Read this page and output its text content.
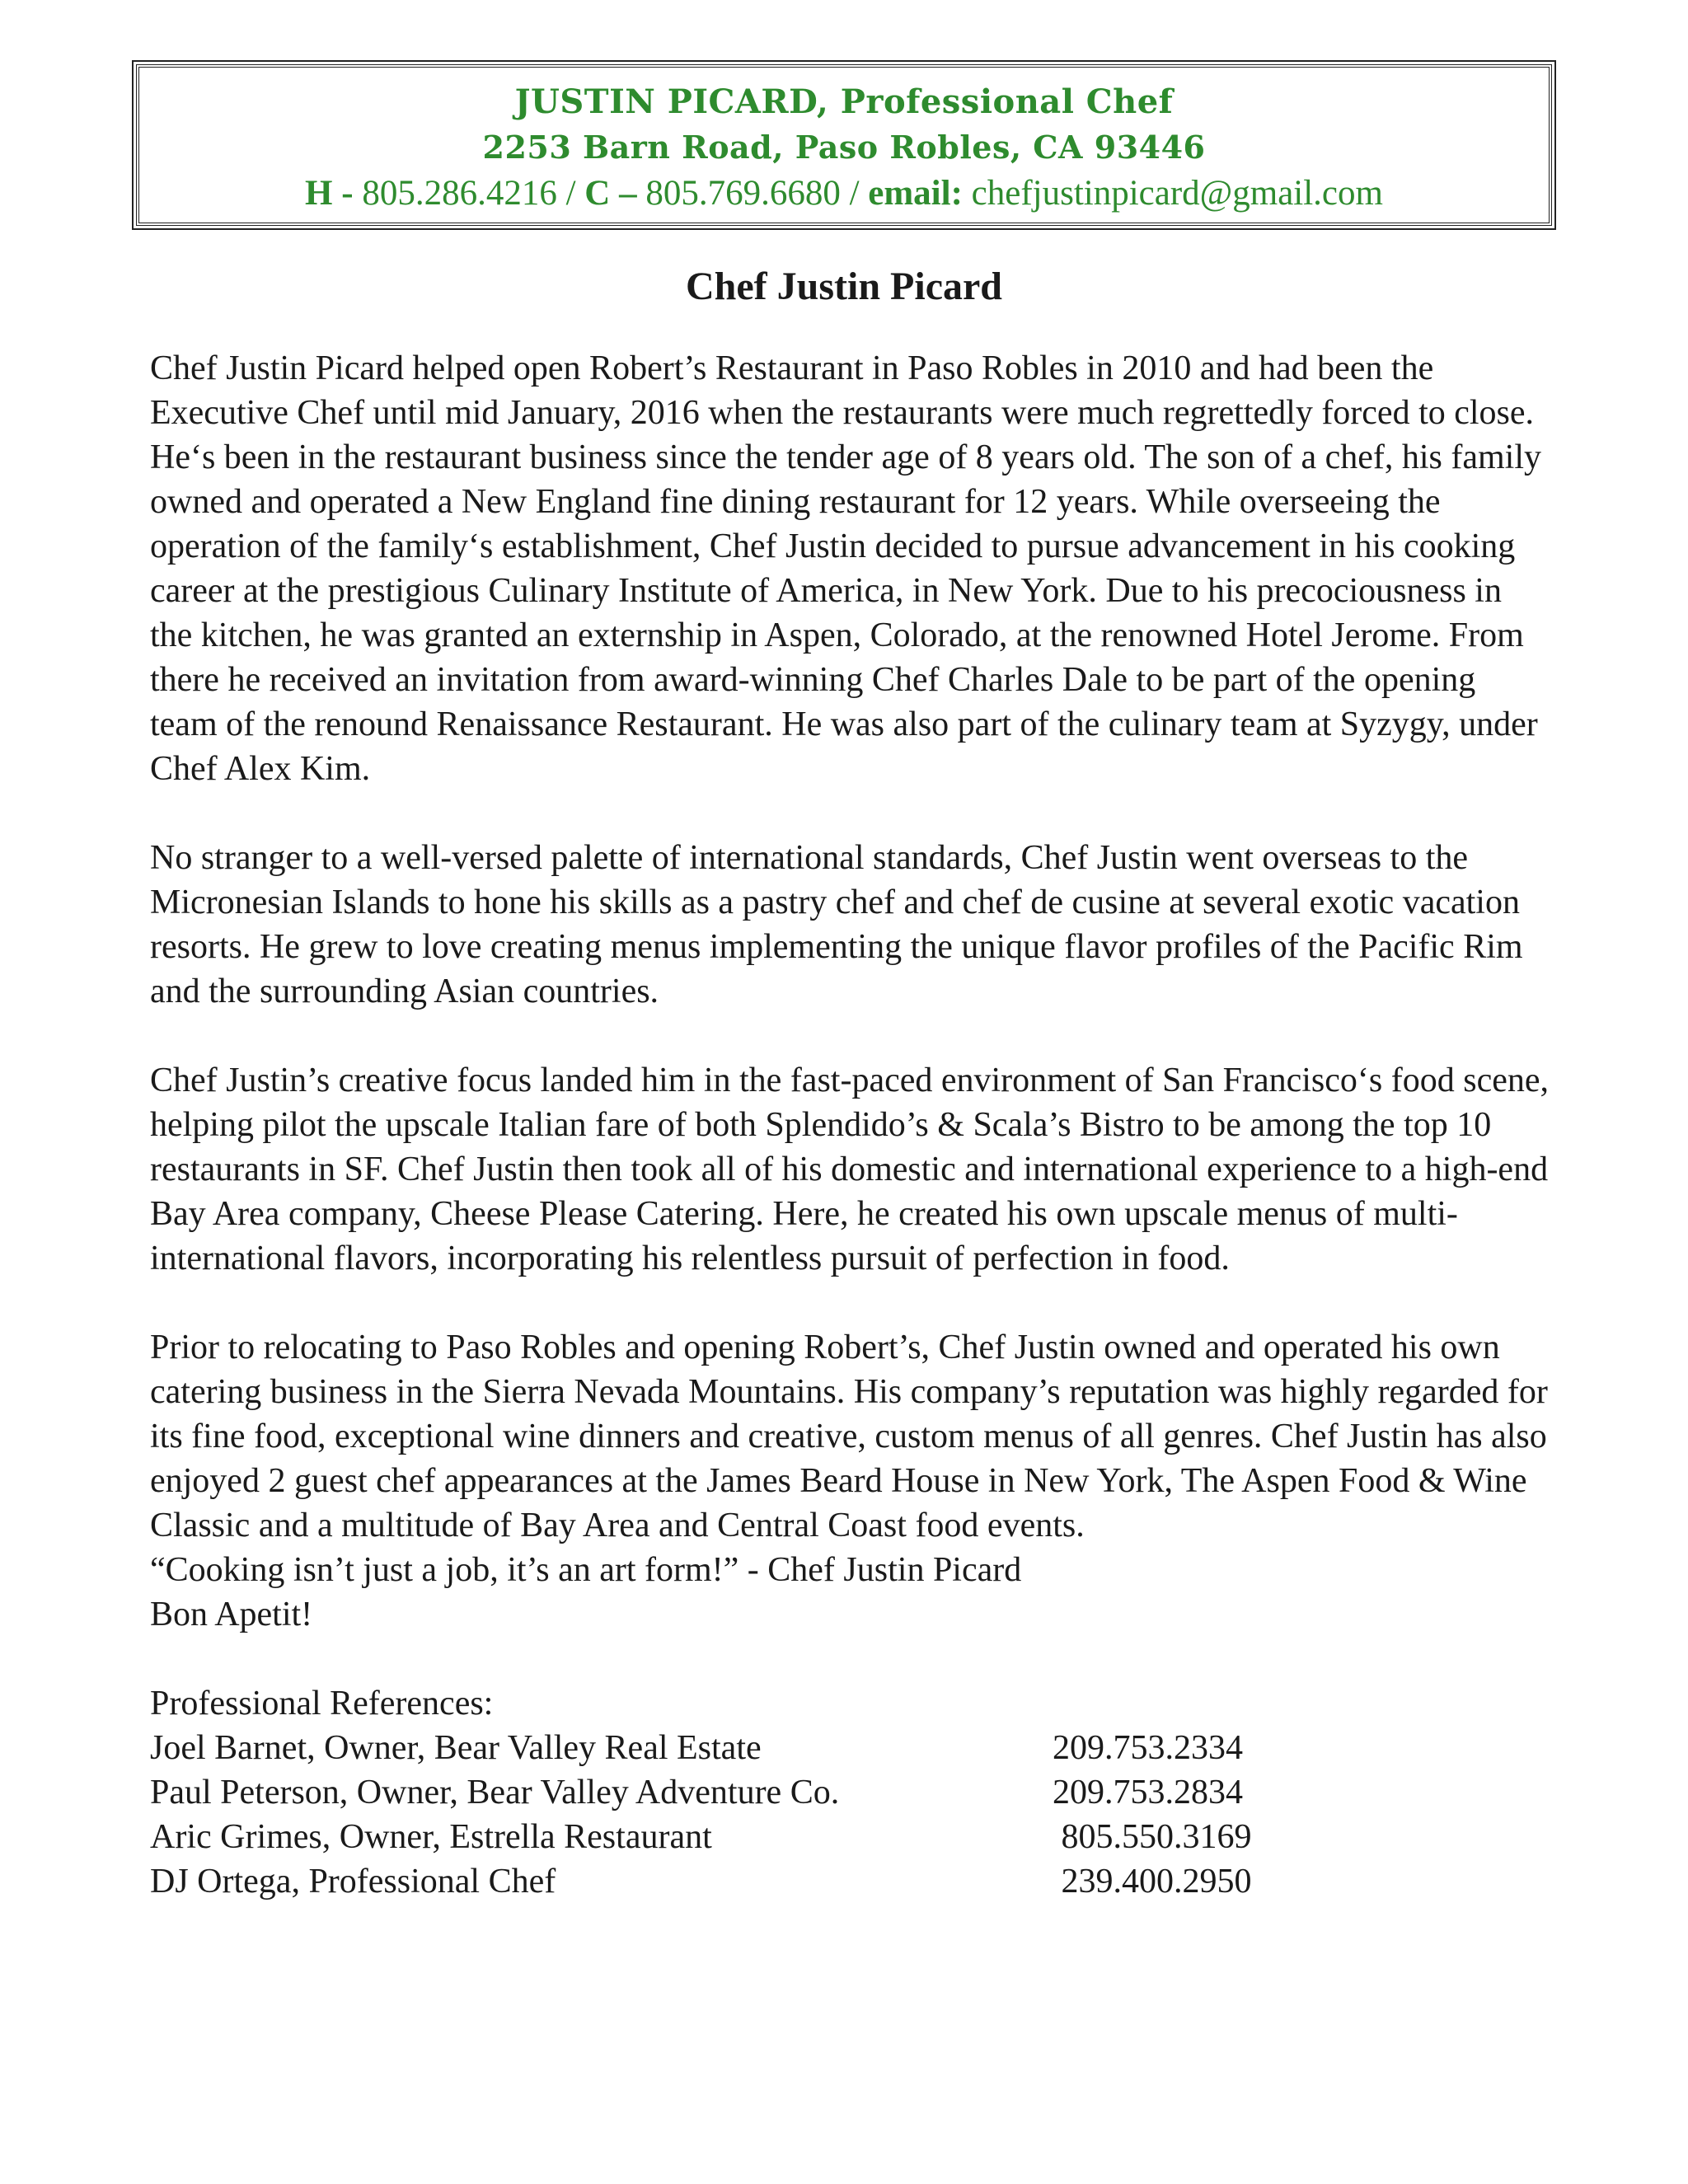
JUSTIN PICARD, Professional Chef
2253 Barn Road, Paso Robles, CA 93446
H - 805.286.4216 / C – 805.769.6680 / email: chefjustinpicard@gmail.com
Chef Justin Picard

Chef Justin Picard helped open Robert’s Restaurant in Paso Robles in 2010 and had been the Executive Chef until mid January, 2016 when the restaurants were much regrettedly forced to close. He‘s been in the restaurant business since the tender age of 8 years old. The son of a chef, his family owned and operated a New England fine dining restaurant for 12 years. While overseeing the operation of the family‘s establishment, Chef Justin decided to pursue advancement in his cooking career at the prestigious Culinary Institute of America, in New York. Due to his precociousness in the kitchen, he was granted an externship in Aspen, Colorado, at the renowned Hotel Jerome. From there he received an invitation from award-winning Chef Charles Dale to be part of the opening team of the renound Renaissance Restaurant. He was also part of the culinary team at Syzygy, under Chef Alex Kim.

No stranger to a well-versed palette of international standards, Chef Justin went overseas to the Micronesian Islands to hone his skills as a pastry chef and chef de cusine at several exotic vacation resorts. He grew to love creating menus implementing the unique flavor profiles of the Pacific Rim and the surrounding Asian countries.

Chef Justin’s creative focus landed him in the fast-paced environment of San Francisco‘s food scene, helping pilot the upscale Italian fare of both Splendido’s & Scala’s Bistro to be among the top 10 restaurants in SF. Chef Justin then took all of his domestic and international experience to a high-end Bay Area company, Cheese Please Catering. Here, he created his own upscale menus of multi-international flavors, incorporating his relentless pursuit of perfection in food.

Prior to relocating to Paso Robles and opening Robert’s, Chef Justin owned and operated his own catering business in the Sierra Nevada Mountains. His company’s reputation was highly regarded for its fine food, exceptional wine dinners and creative, custom menus of all genres. Chef Justin has also enjoyed 2 guest chef appearances at the James Beard House in New York, The Aspen Food & Wine Classic and a multitude of Bay Area and Central Coast food events.

“Cooking isn’t just a job, it’s an art form!” - Chef Justin Picard

Bon Apetit!

Professional References:

Joel Barnet, Owner, Bear Valley Real Estate	209.753.2334
Paul Peterson, Owner, Bear Valley Adventure Co.	209.753.2834
Aric Grimes, Owner, Estrella Restaurant	805.550.3169
DJ Ortega, Professional Chef	239.400.2950
